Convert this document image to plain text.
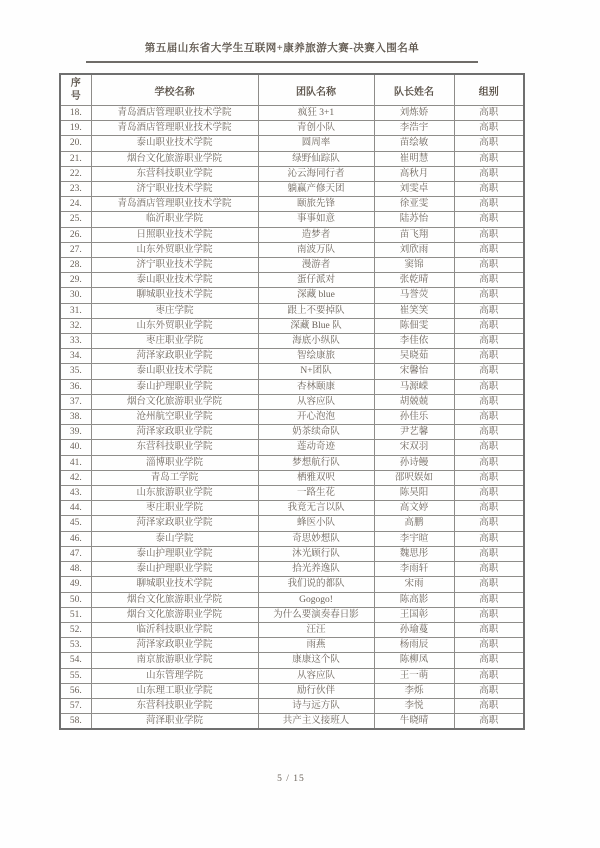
第五届山东省大学生互联网+康养旅游大赛-决赛入围名单
序号	学校名称	团队名称	队长姓名	组别
18.	青岛酒店管理职业技术学院	疯狂 3+1	刘炼娇	高职
19.	青岛酒店管理职业技术学院	青创小队	李浩宇	高职
20.	泰山职业技术学院	圆周率	苗绘敏	高职
21.	烟台文化旅游职业学院	绿野仙踪队	崔明慧	高职
22.	东营科技职业学院	沁云海同行者	高秋月	高职
23.	济宁职业技术学院	躺赢产修天团	刘雯卓	高职
24.	青岛酒店管理职业技术学院	颐旅先锋	徐亚雯	高职
25.	临沂职业学院	事事如意	陆苏怡	高职
26.	日照职业技术学院	造梦者	苗飞翔	高职
27.	山东外贸职业学院	南波万队	刘欣雨	高职
28.	济宁职业技术学院	漫游者	窦锦	高职
29.	泰山职业技术学院	蛋仔派对	张乾晴	高职
30.	聊城职业技术学院	深藏 blue	马誉荧	高职
31.	枣庄学院	跟上不要掉队	崔笑笑	高职
32.	山东外贸职业学院	深藏 Blue 队	陈佃雯	高职
33.	枣庄职业学院	海底小纵队	李佳依	高职
34.	菏泽家政职业学院	智绘康旅	吴晓茹	高职
35.	泰山职业技术学院	N+团队	宋馨怡	高职
36.	泰山护理职业学院	杏林颐康	马源嵘	高职
37.	烟台文化旅游职业学院	从容应队	胡兢兢	高职
38.	沧州航空职业学院	开心泡泡	孙佳乐	高职
39.	菏泽家政职业学院	奶茶续命队	尹艺馨	高职
40.	东营科技职业学院	莲动奇迹	宋双羽	高职
41.	淄博职业学院	梦想航行队	孙诗鳗	高职
42.	青岛工学院	栖雅双呎	邵呎娱如	高职
43.	山东旅游职业学院	一路生花	陈昊阳	高职
44.	枣庄职业学院	我竟无言以队	高文婷	高职
45.	菏泽家政职业学院	蜂医小队	高鹏	高职
46.	泰山学院	奇思妙想队	李宇暄	高职
47.	泰山护理职业学院	沐光顾行队	魏思彤	高职
48.	泰山护理职业学院	拾光养逸队	李雨轩	高职
49.	聊城职业技术学院	我们说的都队	宋雨	高职
50.	烟台文化旅游职业学院	Gogogo!	陈高影	高职
51.	烟台文化旅游职业学院	为什么要演奏春日影	王国彰	高职
52.	临沂科技职业学院	汪汪	孙瑜蔓	高职
53.	菏泽家政职业学院	雨燕	杨雨辰	高职
54.	南京旅游职业学院	康康这个队	陈柳凤	高职
55.	山东管理学院	从容应队	王一萌	高职
56.	山东理工职业学院	励行伙伴	李烁	高职
57.	东营科技职业学院	诗与远方队	李悦	高职
58.	菏泽职业学院	共产主义接班人	牛晓晴	高职
5 / 15
